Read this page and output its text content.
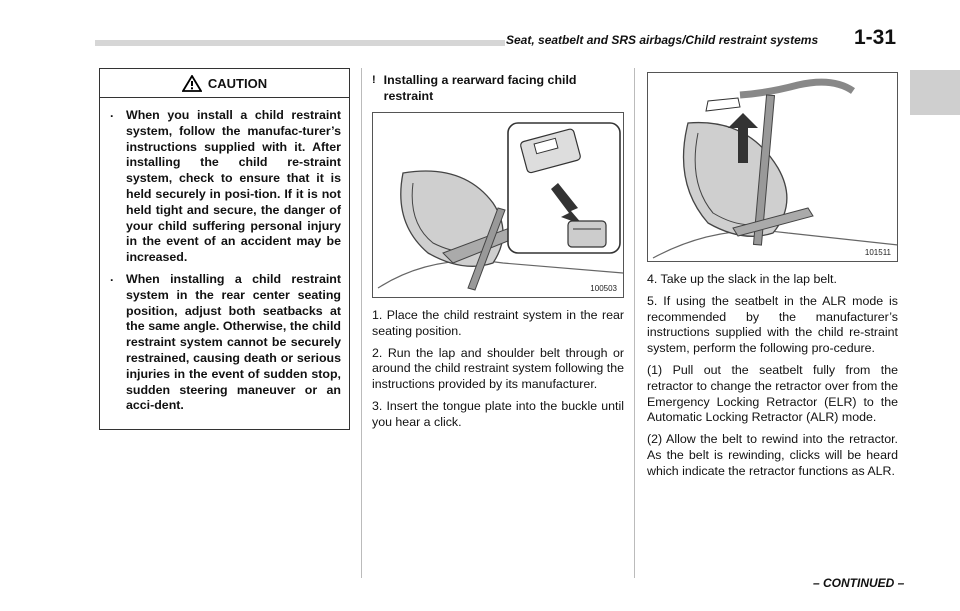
Seat, seatbelt and SRS airbags/Child restraint systems 1-31
CAUTION
. When you install a child restraint system, follow the manufac-turer’s instructions supplied with it. After installing the child re-straint system, check to ensure that it is held securely in posi-tion. If it is not held tight and secure, the danger of your child suffering personal injury in the event of an accident may be increased.
. When installing a child restraint system in the rear center seating position, adjust both seatbacks at the same angle. Otherwise, the child restraint system cannot be securely restrained, causing death or serious injuries in the event of sudden stop, sudden steering maneuver or an acci-dent.
! Installing a rearward facing child restraint
100503

1. Place the child restraint system in the rear seating position.

2. Run the lap and shoulder belt through or around the child restraint system following the instructions provided by its manufacturer.

3. Insert the tongue plate into the buckle until you hear a click.

101511

4. Take up the slack in the lap belt.

5. If using the seatbelt in the ALR mode is recommended by the manufacturer’s instructions supplied with the child re-straint system, perform the following pro-cedure.

(1) Pull out the seatbelt fully from the retractor to change the retractor over from the Emergency Locking Retractor (ELR) to the Automatic Locking Retractor (ALR) mode.

(2) Allow the belt to rewind into the retractor. As the belt is rewinding, clicks will be heard which indicate the retractor functions as ALR.

– CONTINUED –
